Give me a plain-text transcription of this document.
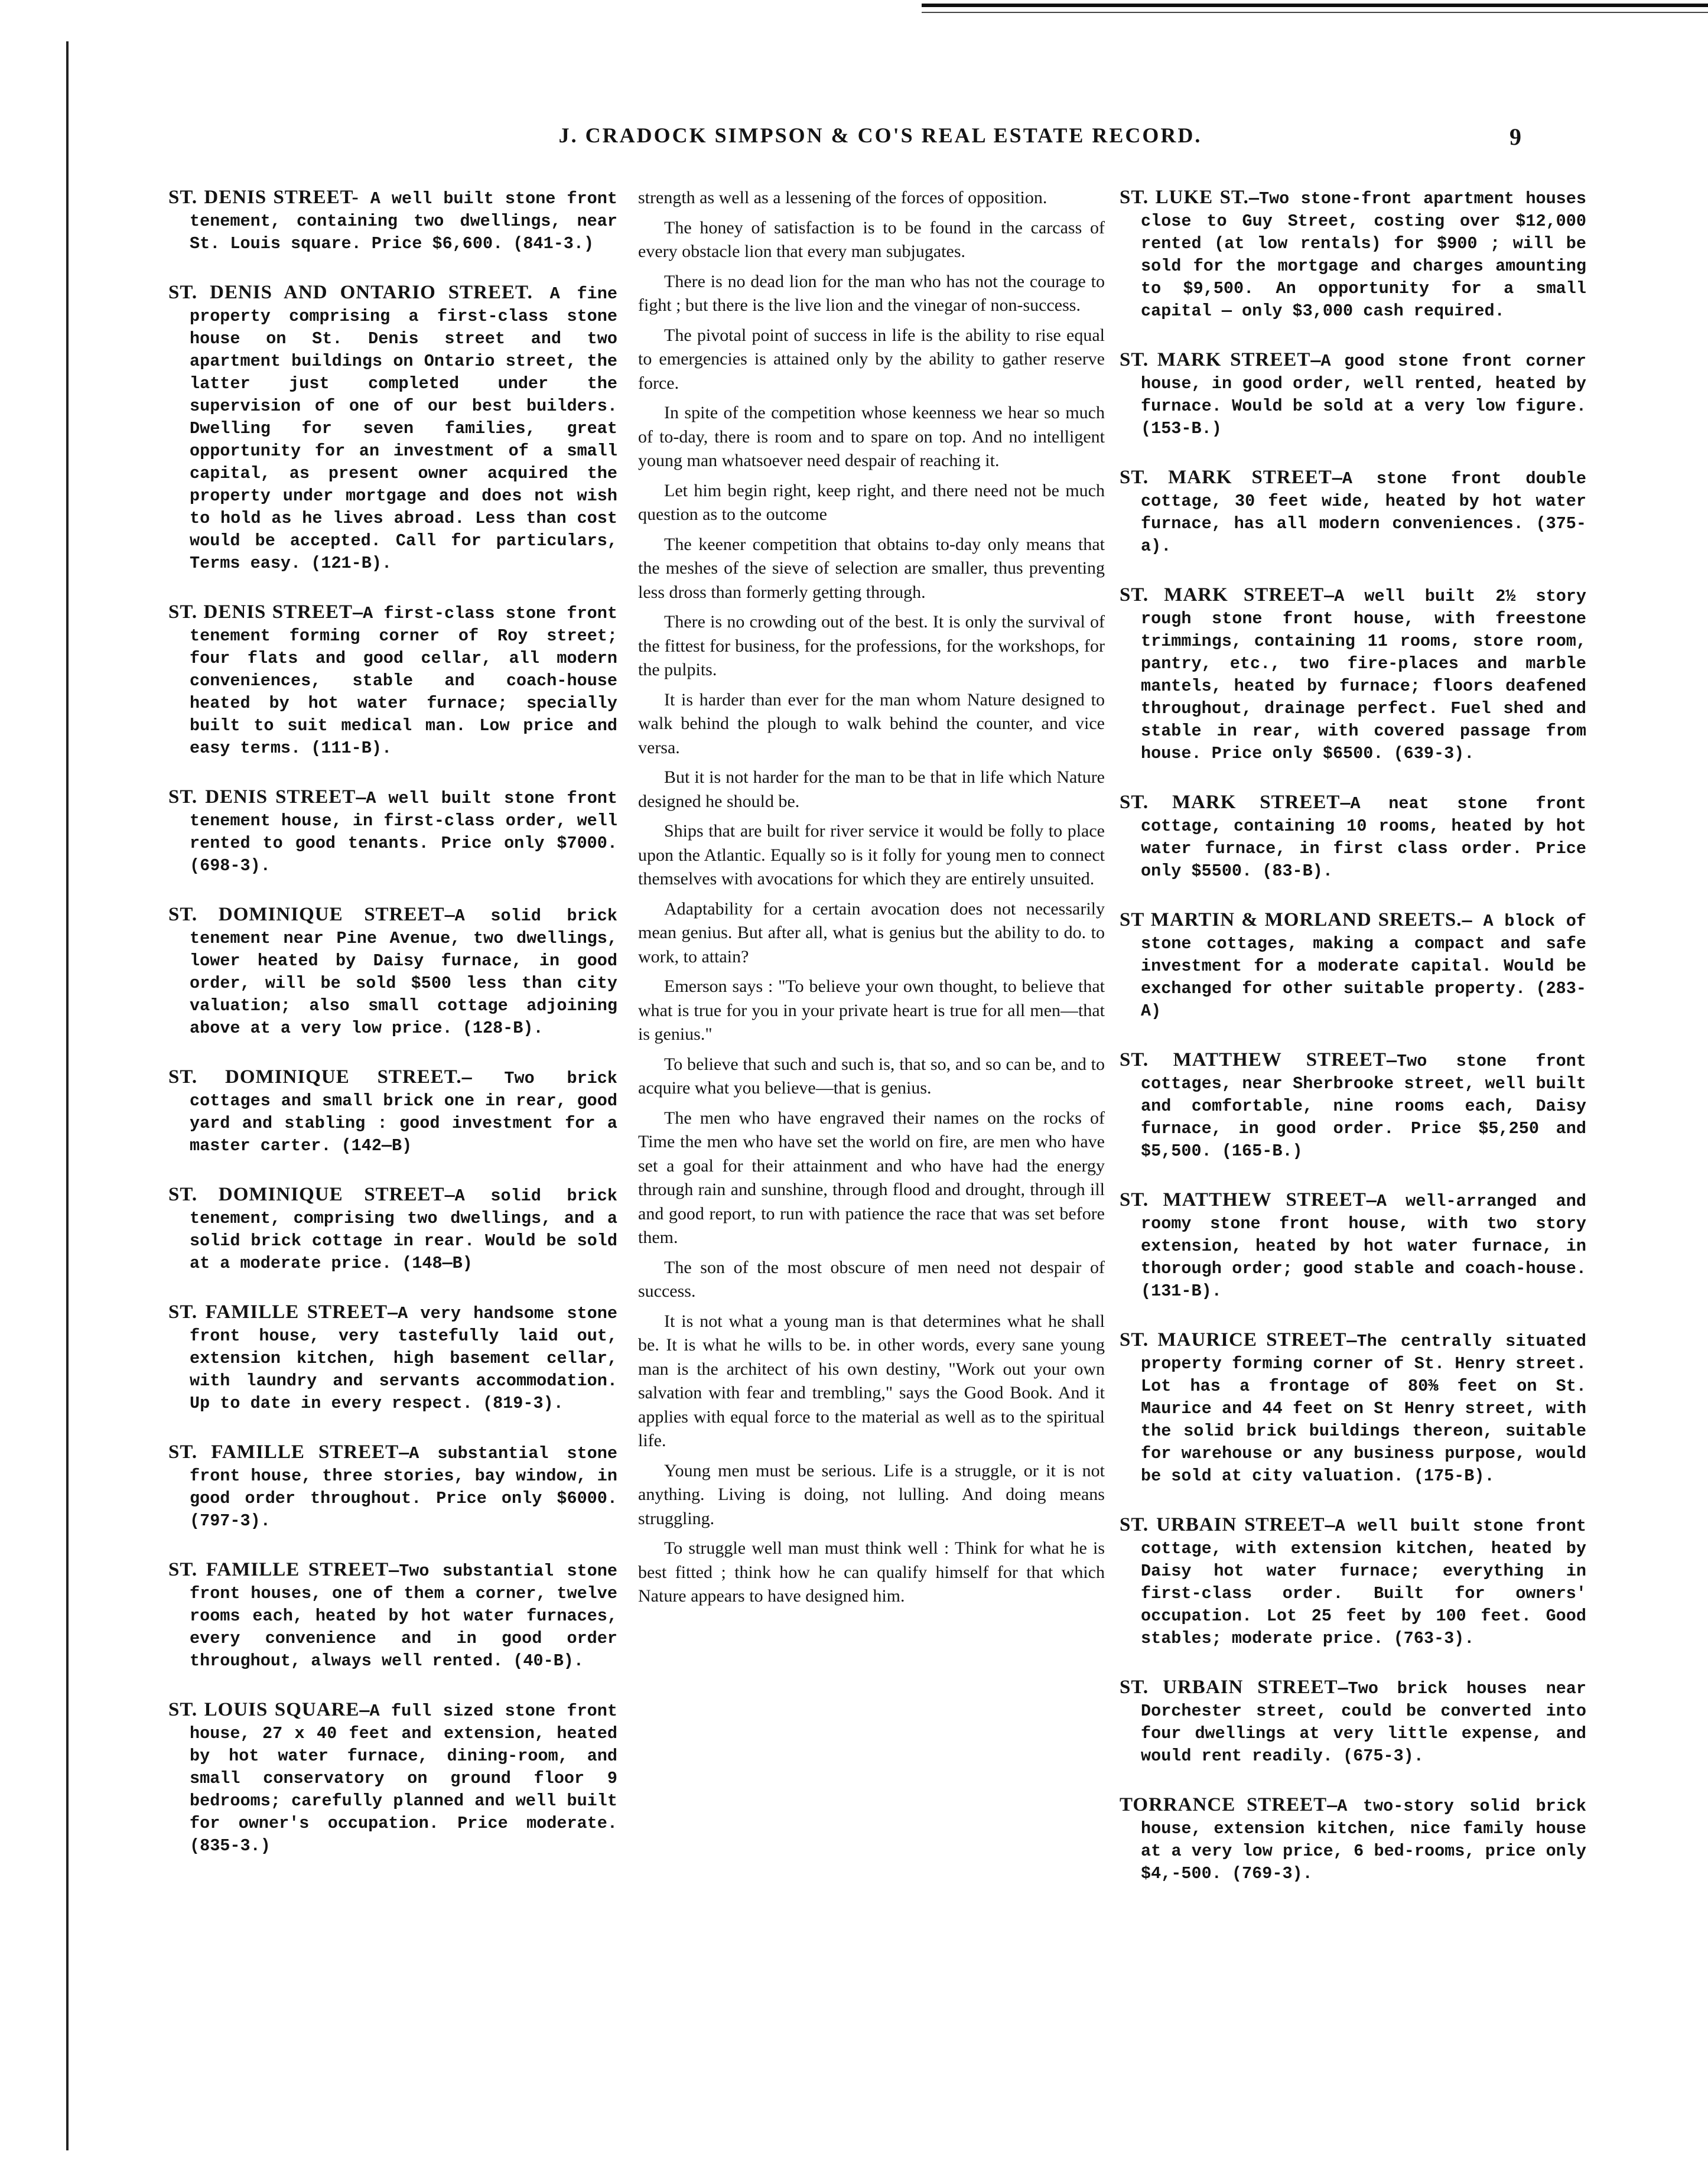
J. CRADOCK SIMPSON & CO'S REAL ESTATE RECORD.	9

ST. DENIS STREET- A well built stone front tenement, containing two dwellings, near St. Louis square. Price $6,600. (841-3.)

ST. DENIS AND ONTARIO STREET. A fine property comprising a first-class stone house on St. Denis street and two apartment buildings on Ontario street, the latter just completed under the supervision of one of our best builders. Dwelling for seven families, great opportunity for an investment of a small capital, as present owner acquired the property under mortgage and does not wish to hold as he lives abroad. Less than cost would be accepted. Call for particulars, Terms easy. (121-B).

ST. DENIS STREET—A first-class stone front tenement forming corner of Roy street; four flats and good cellar, all modern conveniences, stable and coach-house heated by hot water furnace; specially built to suit medical man. Low price and easy terms. (111-B).

ST. DENIS STREET—A well built stone front tenement house, in first-class order, well rented to good tenants. Price only $7000. (698-3).

ST. DOMINIQUE STREET—A solid brick tenement near Pine Avenue, two dwellings, lower heated by Daisy furnace, in good order, will be sold $500 less than city valuation; also small cottage adjoining above at a very low price. (128-B).

ST. DOMINIQUE STREET.— Two brick cottages and small brick one in rear, good yard and stabling : good investment for a master carter. (142—B)

ST. DOMINIQUE STREET—A solid brick tenement, comprising two dwellings, and a solid brick cottage in rear. Would be sold at a moderate price. (148—B)

ST. FAMILLE STREET—A very handsome stone front house, very tastefully laid out, extension kitchen, high basement cellar, with laundry and servants accommodation. Up to date in every respect. (819-3).

ST. FAMILLE STREET—A substantial stone front house, three stories, bay window, in good order throughout. Price only $6000. (797-3).

ST. FAMILLE STREET—Two substantial stone front houses, one of them a corner, twelve rooms each, heated by hot water furnaces, every convenience and in good order throughout, always well rented. (40-B).

ST. LOUIS SQUARE—A full sized stone front house, 27 x 40 feet and extension, heated by hot water furnace, dining-room, and small conservatory on ground floor 9 bedrooms; carefully planned and well built for owner's occupation. Price moderate. (835-3.)

strength as well as a lessening of the forces of opposition.

The honey of satisfaction is to be found in the carcass of every obstacle lion that every man subjugates.

There is no dead lion for the man who has not the courage to fight ; but there is the live lion and the vinegar of non-success.

The pivotal point of success in life is the ability to rise equal to emergencies is attained only by the ability to gather reserve force.

In spite of the competition whose keenness we hear so much of to-day, there is room and to spare on top. And no intelligent young man whatsoever need despair of reaching it.

Let him begin right, keep right, and there need not be much question as to the outcome

The keener competition that obtains to-day only means that the meshes of the sieve of selection are smaller, thus preventing less dross than formerly getting through.

There is no crowding out of the best. It is only the survival of the fittest for business, for the professions, for the workshops, for the pulpits.

It is harder than ever for the man whom Nature designed to walk behind the plough to walk behind the counter, and vice versa.

But it is not harder for the man to be that in life which Nature designed he should be.

Ships that are built for river service it would be folly to place upon the Atlantic. Equally so is it folly for young men to connect themselves with avocations for which they are entirely unsuited.

Adaptability for a certain avocation does not necessarily mean genius. But after all, what is genius but the ability to do. to work, to attain?

Emerson says : "To believe your own thought, to believe that what is true for you in your private heart is true for all men—that is genius."

To believe that such and such is, that so, and so can be, and to acquire what you believe—that is genius.

The men who have engraved their names on the rocks of Time the men who have set the world on fire, are men who have set a goal for their attainment and who have had the energy through rain and sunshine, through flood and drought, through ill and good report, to run with patience the race that was set before them.

The son of the most obscure of men need not despair of success.

It is not what a young man is that determines what he shall be. It is what he wills to be. in other words, every sane young man is the architect of his own destiny, "Work out your own salvation with fear and trembling," says the Good Book. And it applies with equal force to the material as well as to the spiritual life.

Young men must be serious. Life is a struggle, or it is not anything. Living is doing, not lulling. And doing means struggling.

To struggle well man must think well : Think for what he is best fitted ; think how he can qualify himself for that which Nature appears to have designed him.

ST. LUKE ST.—Two stone-front apartment houses close to Guy Street, costing over $12,000 rented (at low rentals) for $900 ; will be sold for the mortgage and charges amounting to $9,500. An opportunity for a small capital — only $3,000 cash required.

ST. MARK STREET—A good stone front corner house, in good order, well rented, heated by furnace. Would be sold at a very low figure. (153-B.)

ST. MARK STREET—A stone front double cottage, 30 feet wide, heated by hot water furnace, has all modern conveniences. (375-a).

ST. MARK STREET—A well built 2½ story rough stone front house, with freestone trimmings, containing 11 rooms, store room, pantry, etc., two fire-places and marble mantels, heated by furnace; floors deafened throughout, drainage perfect. Fuel shed and stable in rear, with covered passage from house. Price only $6500. (639-3).

ST. MARK STREET—A neat stone front cottage, containing 10 rooms, heated by hot water furnace, in first class order. Price only $5500. (83-B).

ST MARTIN & MORLAND SREETS.— A block of stone cottages, making a compact and safe investment for a moderate capital. Would be exchanged for other suitable property. (283-A)

ST. MATTHEW STREET—Two stone front cottages, near Sherbrooke street, well built and comfortable, nine rooms each, Daisy furnace, in good order. Price $5,250 and $5,500. (165-B.)

ST. MATTHEW STREET—A well-arranged and roomy stone front house, with two story extension, heated by hot water furnace, in thorough order; good stable and coach-house. (131-B).

ST. MAURICE STREET—The centrally situated property forming corner of St. Henry street. Lot has a frontage of 80⅜ feet on St. Maurice and 44 feet on St Henry street, with the solid brick buildings thereon, suitable for warehouse or any business purpose, would be sold at city valuation. (175-B).

ST. URBAIN STREET—A well built stone front cottage, with extension kitchen, heated by Daisy hot water furnace; everything in first-class order. Built for owners' occupation. Lot 25 feet by 100 feet. Good stables; moderate price. (763-3).

ST. URBAIN STREET—Two brick houses near Dorchester street, could be converted into four dwellings at very little expense, and would rent readily. (675-3).

TORRANCE STREET—A two-story solid brick house, extension kitchen, nice family house at a very low price, 6 bed-rooms, price only $4,-500. (769-3).
